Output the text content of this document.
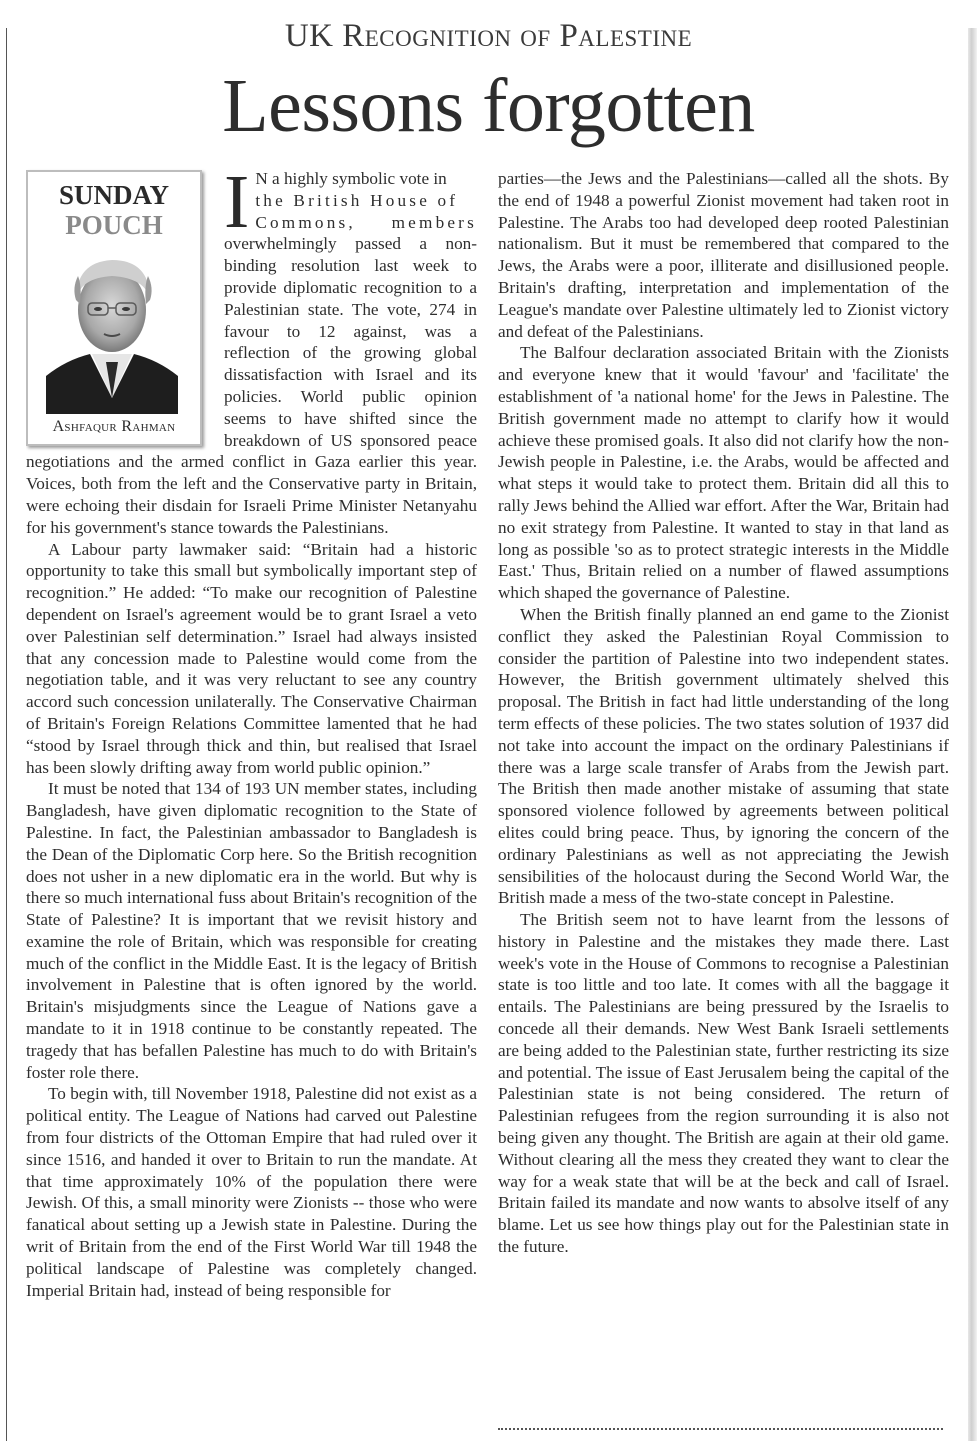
UK Recognition of Palestine
Lessons forgotten
SUNDAY
POUCH
Ashfaqur Rahman
I N a highly symbolic vote in
the British House of
Commons, members overwhelmingly passed a non-binding resolution last week to provide diplomatic recognition to a Palestinian state. The vote, 274 in favour to 12 against, was a reflection of the growing global dissatisfaction with Israel and its policies. World public opinion seems to have shifted since the breakdown of US sponsored peace negotiations and the armed conflict in Gaza earlier this year. Voices, both from the left and the Conservative party in Britain, were echoing their disdain for Israeli Prime Minister Netanyahu for his government's stance towards the Palestinians.

A Labour party lawmaker said: “Britain had a historic opportunity to take this small but symbolically important step of recognition.” He added: “To make our recognition of Palestine dependent on Israel's agreement would be to grant Israel a veto over Palestinian self determination.” Israel had always insisted that any concession made to Palestine would come from the negotiation table, and it was very reluctant to see any country accord such concession unilaterally. The Conservative Chairman of Britain's Foreign Relations Committee lamented that he had “stood by Israel through thick and thin, but realised that Israel has been slowly drifting away from world public opinion.”

It must be noted that 134 of 193 UN member states, including Bangladesh, have given diplomatic recognition to the State of Palestine. In fact, the Palestinian ambassador to Bangladesh is the Dean of the Diplomatic Corp here. So the British recognition does not usher in a new diplomatic era in the world. But why is there so much international fuss about Britain's recognition of the State of Palestine? It is important that we revisit history and examine the role of Britain, which was responsible for creating much of the conflict in the Middle East. It is the legacy of British involvement in Palestine that is often ignored by the world. Britain's misjudgments since the League of Nations gave a mandate to it in 1918 continue to be constantly repeated. The tragedy that has befallen Palestine has much to do with Britain's foster role there.

To begin with, till November 1918, Palestine did not exist as a political entity. The League of Nations had carved out Palestine from four districts of the Ottoman Empire that had ruled over it since 1516, and handed it over to Britain to run the mandate. At that time approximately 10% of the population there were Jewish. Of this, a small minority were Zionists -- those who were fanatical about setting up a Jewish state in Palestine. During the writ of Britain from the end of the First World War till 1948 the political landscape of Palestine was completely changed. Imperial Britain had, instead of being responsible for

parties—the Jews and the Palestinians—called all the shots. By the end of 1948 a powerful Zionist movement had taken root in Palestine. The Arabs too had developed deep rooted Palestinian nationalism. But it must be remembered that compared to the Jews, the Arabs were a poor, illiterate and disillusioned people. Britain's drafting, interpretation and implementation of the League's mandate over Palestine ultimately led to Zionist victory and defeat of the Palestinians.

The Balfour declaration associated Britain with the Zionists and everyone knew that it would 'favour' and 'facilitate' the establishment of 'a national home' for the Jews in Palestine. The British government made no attempt to clarify how it would achieve these promised goals. It also did not clarify how the non-Jewish people in Palestine, i.e. the Arabs, would be affected and what steps it would take to protect them. Britain did all this to rally Jews behind the Allied war effort. After the War, Britain had no exit strategy from Palestine. It wanted to stay in that land as long as possible 'so as to protect strategic interests in the Middle East.' Thus, Britain relied on a number of flawed assumptions which shaped the governance of Palestine.

When the British finally planned an end game to the Zionist conflict they asked the Palestinian Royal Commission to consider the partition of Palestine into two independent states. However, the British government ultimately shelved this proposal. The British in fact had little understanding of the long term effects of these policies. The two states solution of 1937 did not take into account the impact on the ordinary Palestinians if there was a large scale transfer of Arabs from the Jewish part. The British then made another mistake of assuming that state sponsored violence followed by agreements between political elites could bring peace. Thus, by ignoring the concern of the ordinary Palestinians as well as not appreciating the Jewish sensibilities of the holocaust during the Second World War, the British made a mess of the two-state concept in Palestine.

The British seem not to have learnt from the lessons of history in Palestine and the mistakes they made there. Last week's vote in the House of Commons to recognise a Palestinian state is too little and too late. It comes with all the baggage it entails. The Palestinians are being pressured by the Israelis to concede all their demands. New West Bank Israeli settlements are being added to the Palestinian state, further restricting its size and potential. The issue of East Jerusalem being the capital of the Palestinian state is not being considered. The return of Palestinian refugees from the region surrounding it is also not being given any thought. The British are again at their old game. Without clearing all the mess they created they want to clear the way for a weak state that will be at the beck and call of Israel. Britain failed its mandate and now wants to absolve itself of any blame. Let us see how things play out for the Palestinian state in the future.
